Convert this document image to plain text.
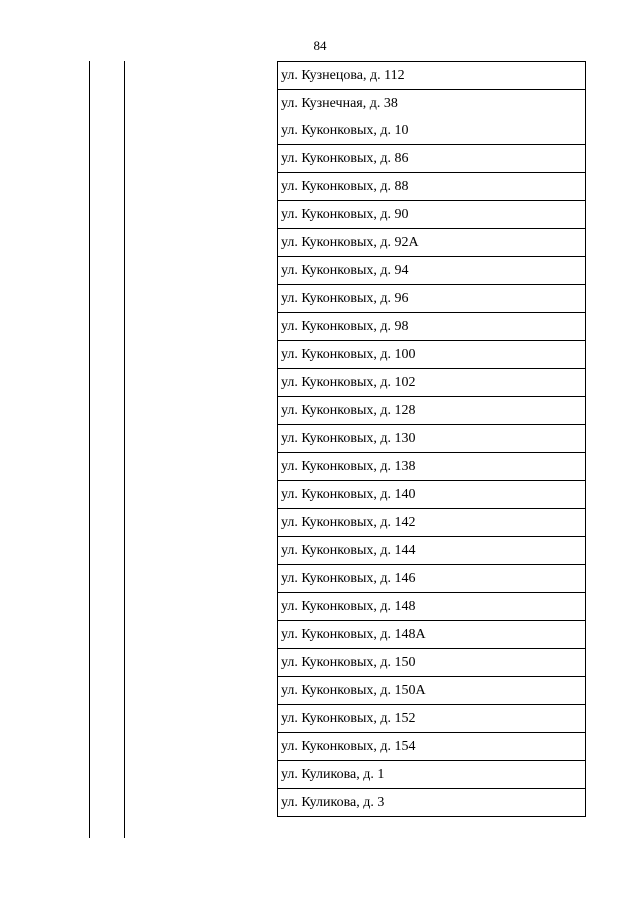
84
ул. Кузнецова, д. 112
ул. Кузнечная, д. 38
ул. Куконковых, д. 10
ул. Куконковых, д. 86
ул. Куконковых, д. 88
ул. Куконковых, д. 90
ул. Куконковых, д. 92А
ул. Куконковых, д. 94
ул. Куконковых, д. 96
ул. Куконковых, д. 98
ул. Куконковых, д. 100
ул. Куконковых, д. 102
ул. Куконковых, д. 128
ул. Куконковых, д. 130
ул. Куконковых, д. 138
ул. Куконковых, д. 140
ул. Куконковых, д. 142
ул. Куконковых, д. 144
ул. Куконковых, д. 146
ул. Куконковых, д. 148
ул. Куконковых, д. 148А
ул. Куконковых, д. 150
ул. Куконковых, д. 150А
ул. Куконковых, д. 152
ул. Куконковых, д. 154
ул. Куликова, д. 1
ул. Куликова, д. 3
